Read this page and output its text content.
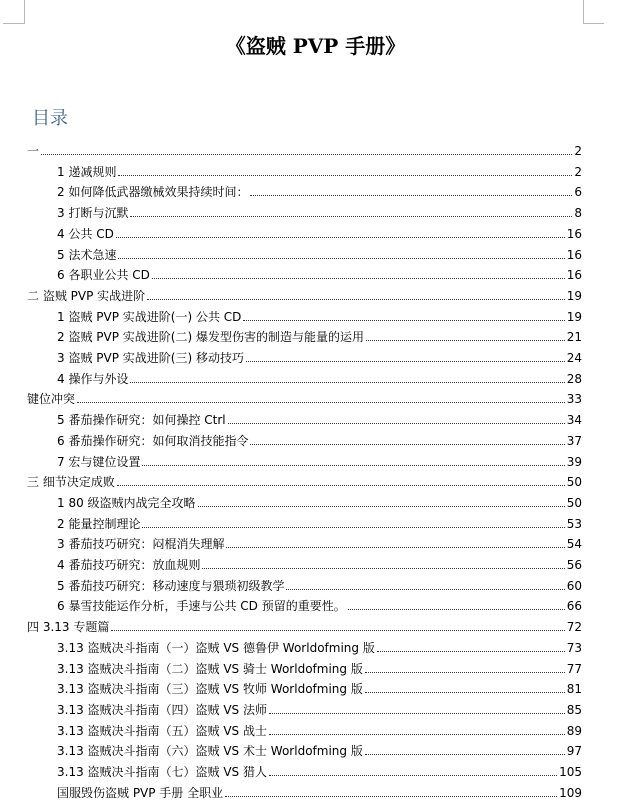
《盗贼 PVP 手册》
目录
一	2
1 递减规则	2
2 如何降低武器缴械效果持续时间：	6
3 打断与沉默	8
4 公共 CD	16
5 法术急速	16
6 各职业公共 CD	16
二 盗贼 PVP 实战进阶	19
1 盗贼 PVP 实战进阶(一) 公共 CD	19
2 盗贼 PVP 实战进阶(二) 爆发型伤害的制造与能量的运用	21
3 盗贼 PVP 实战进阶(三) 移动技巧	24
4 操作与外设	28
键位冲突	33
5 番茄操作研究：如何操控 Ctrl	34
6 番茄操作研究：如何取消技能指令	37
7 宏与键位设置	39
三 细节决定成败	50
1 80 级盗贼内战完全攻略	50
2 能量控制理论	53
3 番茄技巧研究：闷棍消失理解	54
4 番茄技巧研究：放血规则	56
5 番茄技巧研究：移动速度与猥琐初级教学	60
6 暴雪技能运作分析，手速与公共 CD 预留的重要性。	66
四 3.13 专题篇	72
3.13 盗贼决斗指南（一）盗贼 VS 德鲁伊 Worldofming 版	73
3.13 盗贼决斗指南（二）盗贼 VS 骑士 Worldofming 版	77
3.13 盗贼决斗指南（三）盗贼 VS 牧师 Worldofming 版	81
3.13 盗贼决斗指南（四）盗贼 VS 法师	85
3.13 盗贼决斗指南（五）盗贼 VS 战士	89
3.13 盗贼决斗指南（六）盗贼 VS 术士 Worldofming 版	97
3.13 盗贼决斗指南（七）盗贼 VS 猎人	105
国服毁伤盗贼 PVP 手册 全职业	109
